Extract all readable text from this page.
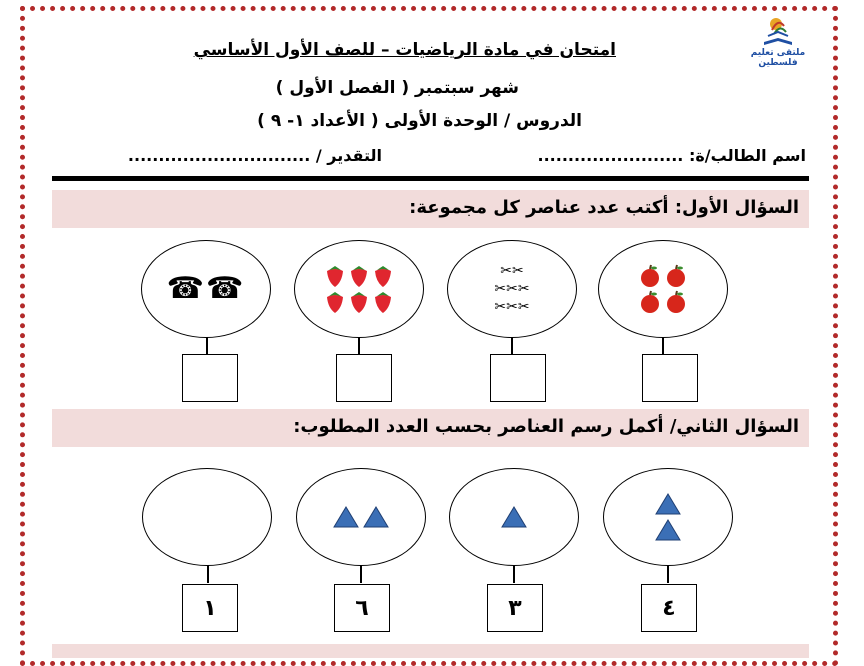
ملتقى تعليم فلسطين
امتحان في مادة الرياضيات – للصف الأول الأساسي
شهر سبتمبر ( الفصل الأول )
الدروس / الوحدة الأولى ( الأعداد ١- ٩ )
اسم الطالب/ة: ........................
التقدير / ..............................
السؤال الأول: أكتب عدد عناصر كل مجموعة:
✂ ✂
✂ ✂ ✂
✂ ✂ ✂
☎ ☎
السؤال الثاني/ أكمل رسم العناصر بحسب العدد المطلوب:
٤
٣
٦
١
